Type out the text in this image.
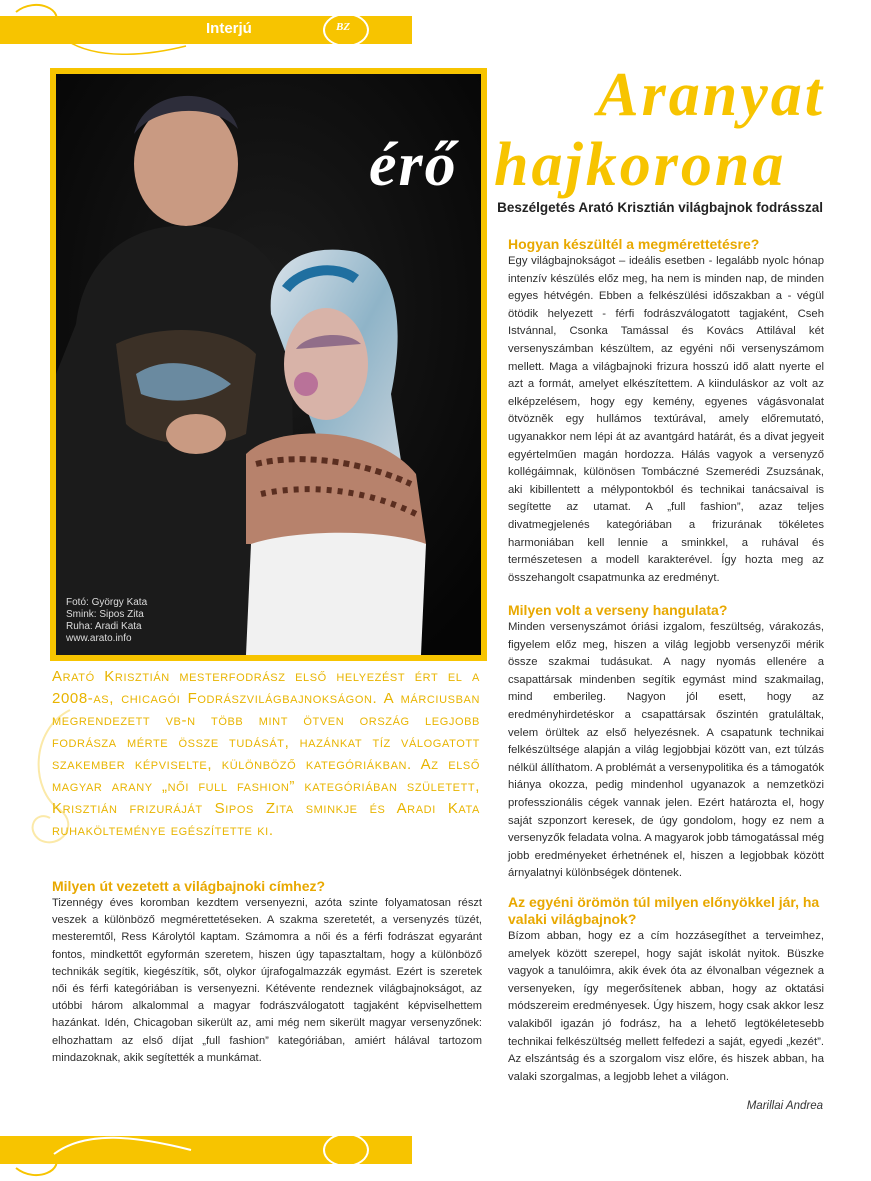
Interjú	BZ
Fotó: György Kata
Smink: Sipos Zita
Ruha: Aradi Kata
www.arato.info
Aranyat
érő hajkorona
Beszélgetés Arató Krisztián világbajnok fodrásszal

Hogyan készültél a megmérettetésre?

Egy világbajnokságot – ideális esetben - legalább nyolc hónap intenzív készülés előz meg, ha nem is minden nap, de minden egyes hétvégén. Ebben a felkészülési időszakban a - végül ötödik helyezett - férfi fodrászválogatott tagjaként, Cseh Istvánnal, Csonka Tamással és Kovács Attilával két versenyszámban készültem, az egyéni női versenyszámom mellett. Maga a világbajnoki frizura hosszú idő alatt nyerte el azt a formát, amelyet elkészítettem. A kiinduláskor az volt az elképzelésem, hogy egy kemény, egyenes vágásvonalat ötvözněk egy hullámos textúrával, amely előremutató, ugyanakkor nem lépi át az avantgárd határát, és a divat jegyeit egyértelműen magán hordozza. Hálás vagyok a versenyző kollégáimnak, különösen Tombáczné Szemerédi Zsuzsának, aki kibillentett a mélypontokból és technikai tanácsaival is segítette az utamat. A „full fashion”, azaz teljes divatmegjelenés kategóriában a frizurának tökéletes harmoniában kell lennie a sminkkel, a ruhával és természetesen a modell karakterével. Így hozta meg az összehangolt csapatmunka az eredményt.

Milyen volt a verseny hangulata?

Minden versenyszámot óriási izgalom, feszültség, várakozás, figyelem előz meg, hiszen a világ legjobb versenyzői mérik össze szakmai tudásukat. A nagy nyomás ellenére a csapattársak mindenben segítik egymást mind szakmailag, mind emberileg. Nagyon jól esett, hogy az eredményhirdetéskor a csapattársak őszintén gratuláltak, velem örültek az első helyezésnek. A csapatunk technikai felkészültsége alapján a világ legjobbjai között van, ezt túlzás nélkül állíthatom. A problémát a versenypolitika és a támogatók hiánya okozza, pedig mindenhol ugyanazok a nemzetközi professzionális cégek vannak jelen. Ezért határozta el, hogy saját szponzort keresek, de úgy gondolom, hogy ez nem a versenyzők feladata volna. A magyarok jobb támogatással még jobb eredményeket érhetnének el, hiszen a legjobbak között árnyalatnyi különbségek döntenek.

Az egyéni örömön túl milyen előnyökkel jár, ha valaki világbajnok?

Bízom abban, hogy ez a cím hozzásegíthet a terveimhez, amelyek között szerepel, hogy saját iskolát nyitok. Büszke vagyok a tanulóimra, akik évek óta az élvonalban végeznek a versenyeken, így megerősítenek abban, hogy az oktatási módszereim eredményesek. Úgy hiszem, hogy csak akkor lesz valakiből igazán jó fodrász, ha a lehető legtökéletesebb technikai felkészültség mellett felfedezi a saját, egyedi „kezét”. Az elszántság és a szorgalom visz előre, és hiszek abban, ha valaki szorgalmas, a legjobb lehet a világon.

Marillai Andrea

Arató Krisztián mesterfodrász első helyezést ért el a 2008-as, chicagói Fodrászvilágbajnokságon. A márciusban megrendezett vb-n több mint ötven ország legjobb fodrásza mérte össze tudását, hazánkat tíz válogatott szakember képviselte, különböző kategóriákban. Az első magyar arany „női full fashion” kategóriában született, Krisztián frizuráját Sipos Zita sminkje és Aradi Kata ruhakölteménye egészítette ki.

Milyen út vezetett a világbajnoki címhez?

Tizennégy éves koromban kezdtem versenyezni, azóta szinte folyamatosan részt veszek a különböző megmérettetéseken. A szakma szeretetét, a versenyzés tüzét, mesteremtől, Ress Károlytól kaptam. Számomra a női és a férfi fodrászat egyaránt fontos, mindkettőt egyformán szeretem, hiszen úgy tapasztaltam, hogy a különböző technikák segítik, kiegészítik, sőt, olykor újrafogalmazzák egymást. Ezért is szeretek női és férfi kategóriában is versenyezni. Kétévente rendeznek világbajnokságot, az utóbbi három alkalommal a magyar fodrászválogatott tagjaként képviselhettem hazánkat. Idén, Chicagoban sikerült az, ami még nem sikerült magyar versenyzőnek: elhozhattam az első díjat „full fashion” kategóriában, amiért hálával tartozom mindazoknak, akik segítették a munkámat.
